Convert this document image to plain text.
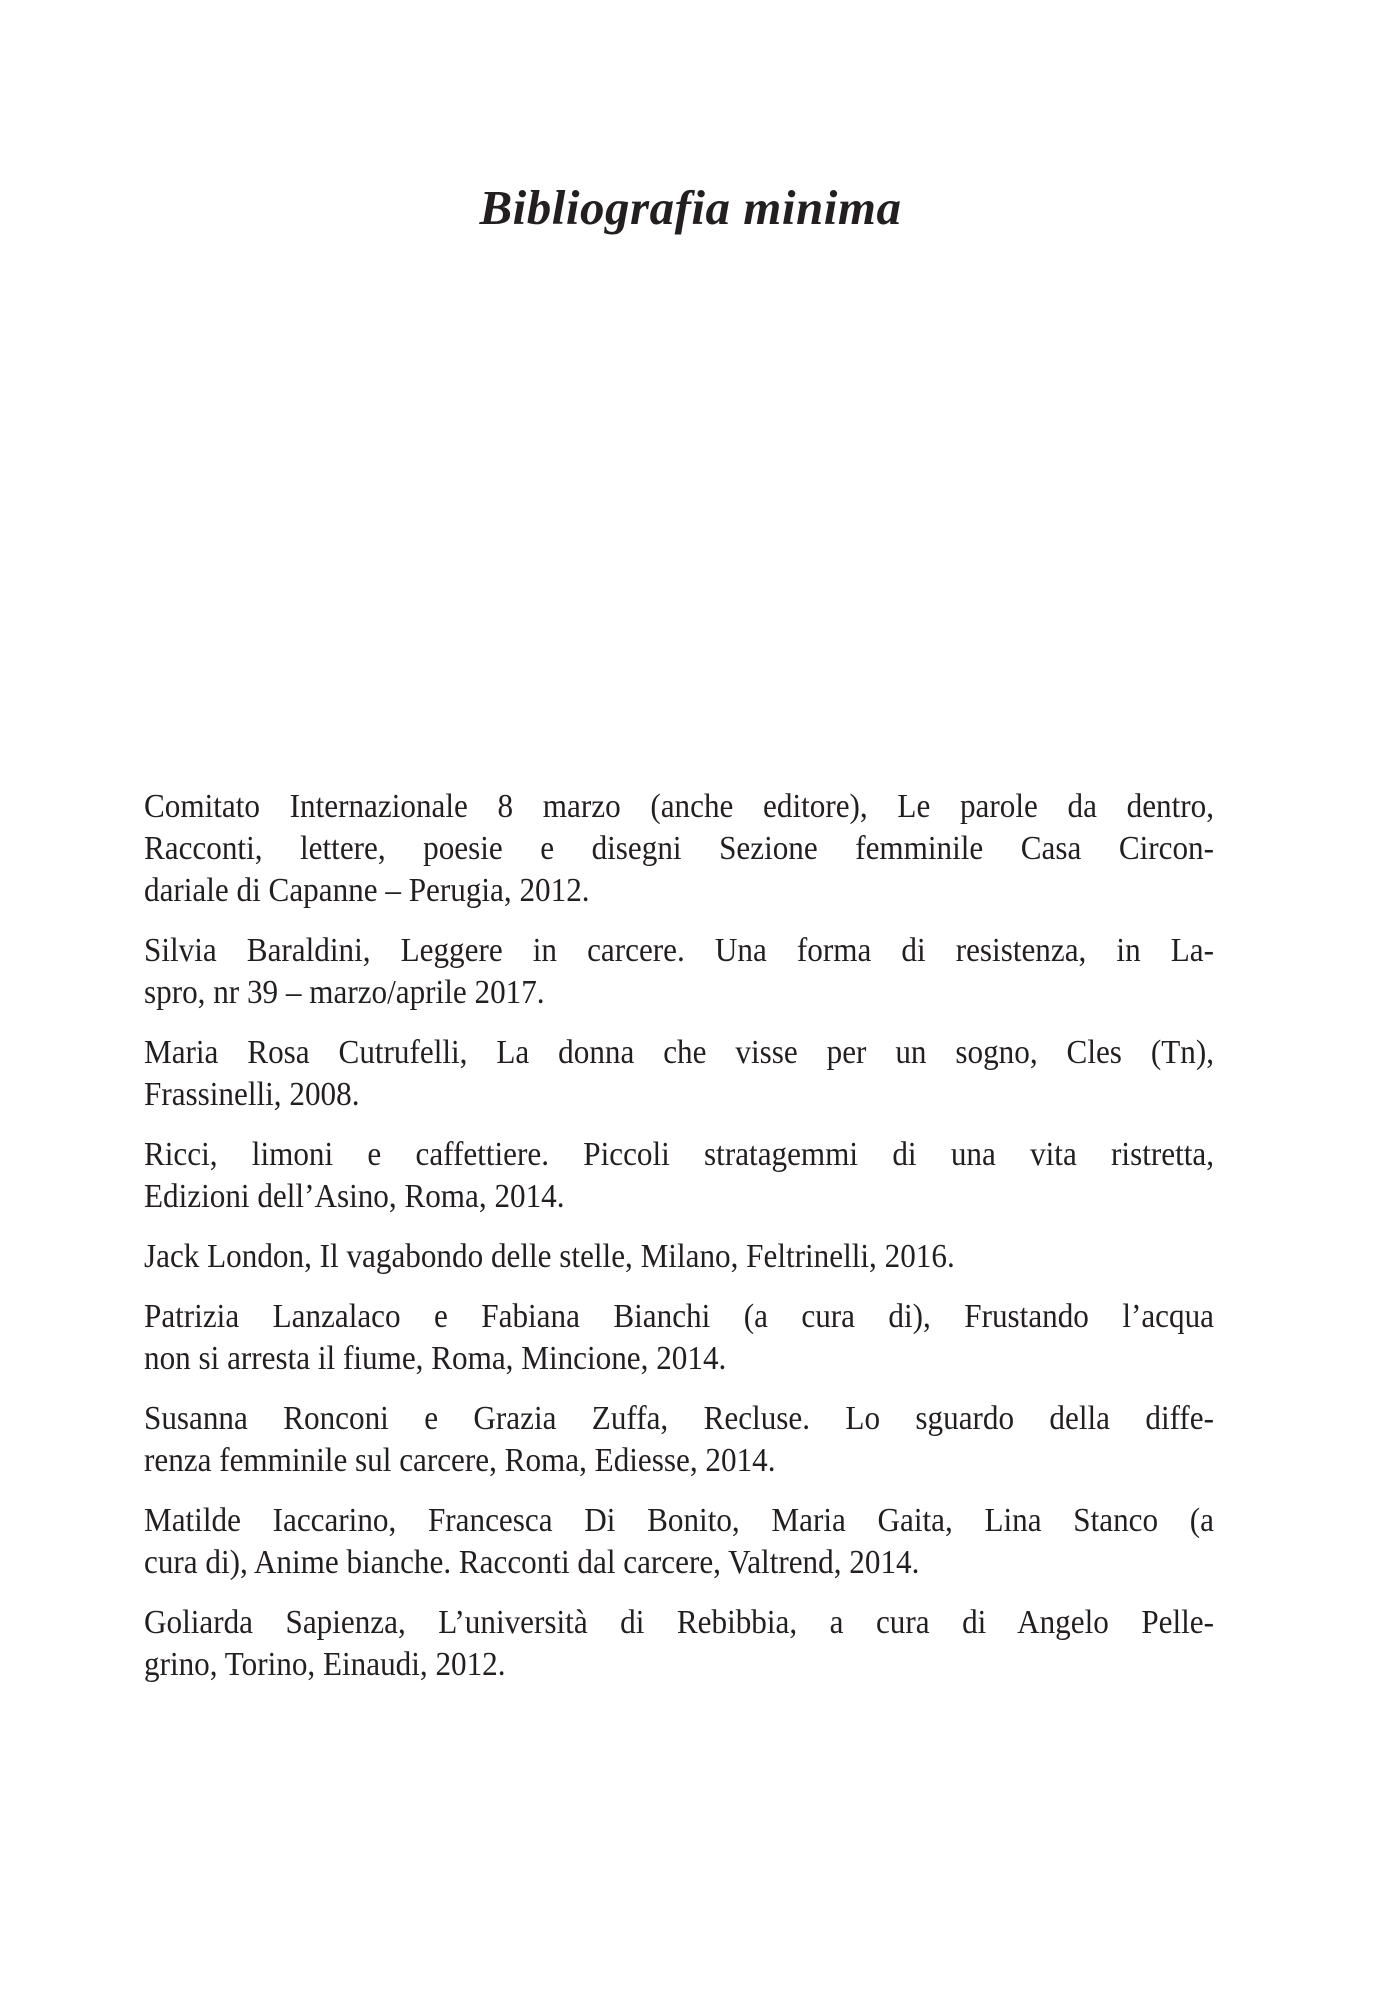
Bibliografia minima
Comitato Internazionale 8 marzo (anche editore), Le parole da dentro,
Racconti, lettere, poesie e disegni Sezione femminile Casa Circon-
dariale di Capanne – Perugia, 2012.
Silvia Baraldini, Leggere in carcere. Una forma di resistenza, in La-
spro, nr 39 – marzo/aprile 2017.
Maria Rosa Cutrufelli, La donna che visse per un sogno, Cles (Tn),
Frassinelli, 2008.
Ricci, limoni e caffettiere. Piccoli stratagemmi di una vita ristretta,
Edizioni dell’Asino, Roma, 2014.
Jack London, Il vagabondo delle stelle, Milano, Feltrinelli, 2016.
Patrizia Lanzalaco e Fabiana Bianchi (a cura di), Frustando l’acqua
non si arresta il fiume, Roma, Mincione, 2014.
Susanna Ronconi e Grazia Zuffa, Recluse. Lo sguardo della diffe-
renza femminile sul carcere, Roma, Ediesse, 2014.
Matilde Iaccarino, Francesca Di Bonito, Maria Gaita, Lina Stanco (a
cura di), Anime bianche. Racconti dal carcere, Valtrend, 2014.
Goliarda Sapienza, L’università di Rebibbia, a cura di Angelo Pelle-
grino, Torino, Einaudi, 2012.
